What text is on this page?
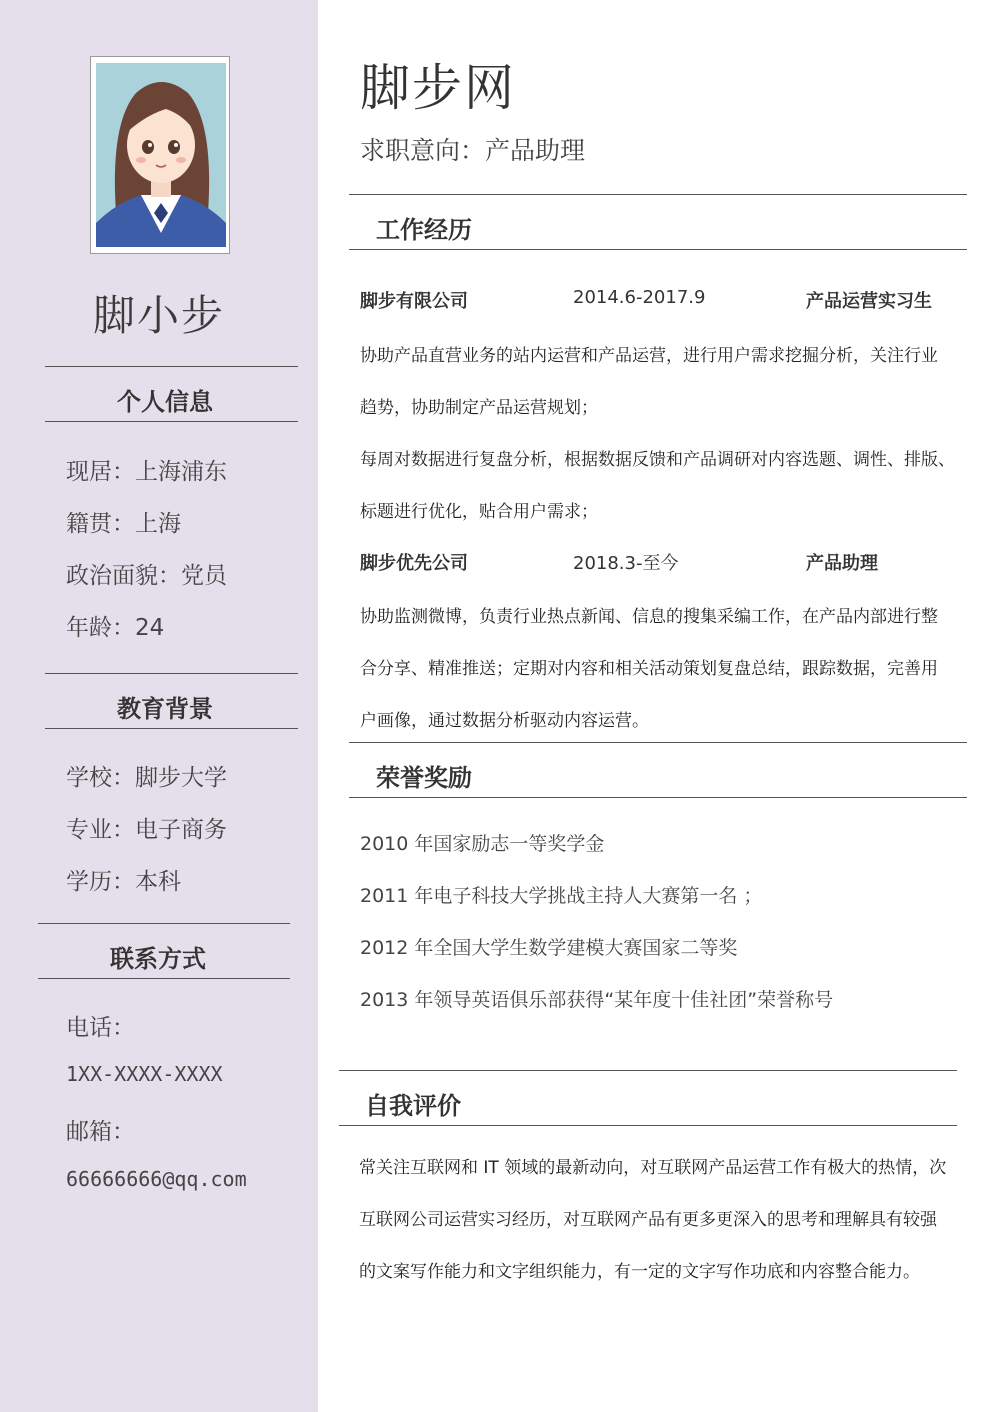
脚小步
个人信息
现居：上海浦东
籍贯：上海
政治面貌：党员
年龄：24
教育背景
学校：脚步大学
专业：电子商务
学历：本科
联系方式
电话：
1XX-XXXX-XXXX
邮箱：
66666666@qq.com
脚步网
求职意向：产品助理
工作经历
脚步有限公司	2014.6-2017.9	产品运营实习生
协助产品直营业务的站内运营和产品运营，进行用户需求挖掘分析，关注行业
趋势，协助制定产品运营规划；
每周对数据进行复盘分析，根据数据反馈和产品调研对内容选题、调性、排版、
标题进行优化，贴合用户需求；
脚步优先公司	2018.3-至今	产品助理
协助监测微博，负责行业热点新闻、信息的搜集采编工作，在产品内部进行整
合分享、精准推送；定期对内容和相关活动策划复盘总结，跟踪数据，完善用
户画像，通过数据分析驱动内容运营。
荣誉奖励
2010 年国家励志一等奖学金
2011 年电子科技大学挑战主持人大赛第一名 ；
2012 年全国大学生数学建模大赛国家二等奖
2013 年领导英语俱乐部获得“某年度十佳社团”荣誉称号
自我评价
常关注互联网和 IT 领域的最新动向，对互联网产品运营工作有极大的热情，次
互联网公司运营实习经历，对互联网产品有更多更深入的思考和理解具有较强
的文案写作能力和文字组织能力，有一定的文字写作功底和内容整合能力。
